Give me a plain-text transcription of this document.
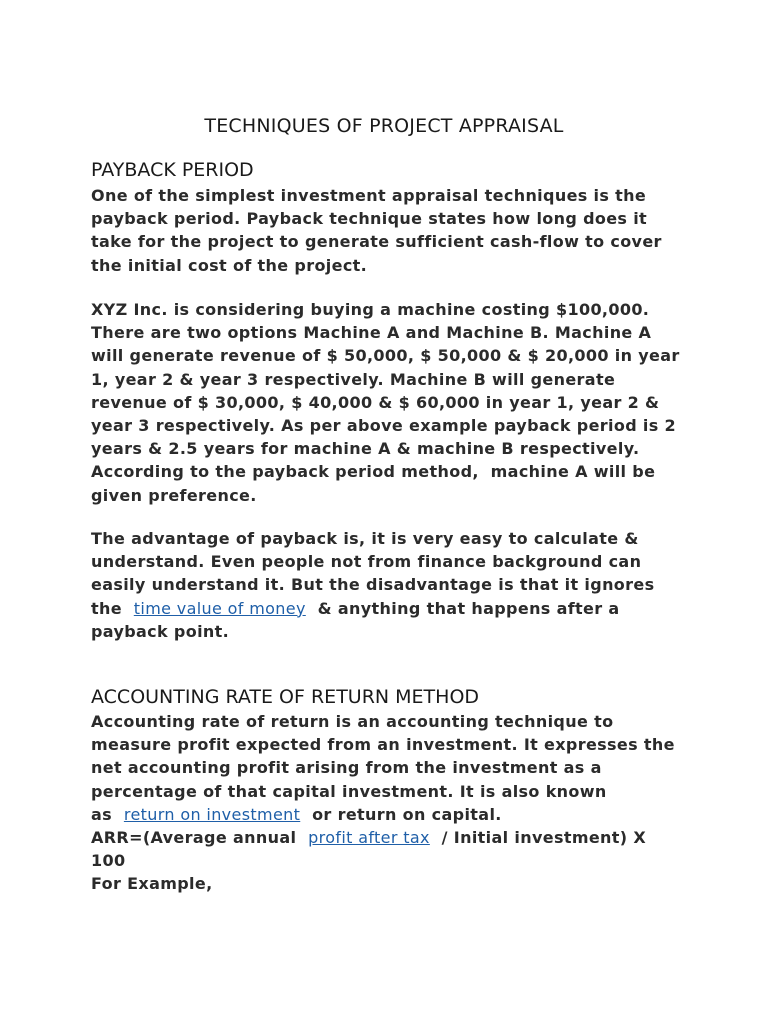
TECHNIQUES OF PROJECT APPRAISAL
PAYBACK PERIOD
One of the simplest investment appraisal techniques is the
payback period. Payback technique states how long does it
take for the project to generate sufficient cash-flow to cover
the initial cost of the project.
XYZ Inc. is considering buying a machine costing $100,000.
There are two options Machine A and Machine B. Machine A
will generate revenue of $ 50,000, $ 50,000 & $ 20,000 in year
1, year 2 & year 3 respectively. Machine B will generate
revenue of $ 30,000, $ 40,000 & $ 60,000 in year 1, year 2 &
year 3 respectively. As per above example payback period is 2
years & 2.5 years for machine A & machine B respectively.
According to the payback period method,  machine A will be
given preference.
The advantage of payback is, it is very easy to calculate &
understand. Even people not from finance background can
easily understand it. But the disadvantage is that it ignores
the  time value of money  & anything that happens after a
payback point.
ACCOUNTING RATE OF RETURN METHOD
Accounting rate of return is an accounting technique to
measure profit expected from an investment. It expresses the
net accounting profit arising from the investment as a
percentage of that capital investment. It is also known
as  return on investment  or return on capital.
ARR=(Average annual  profit after tax  / Initial investment) X
100
For Example,
